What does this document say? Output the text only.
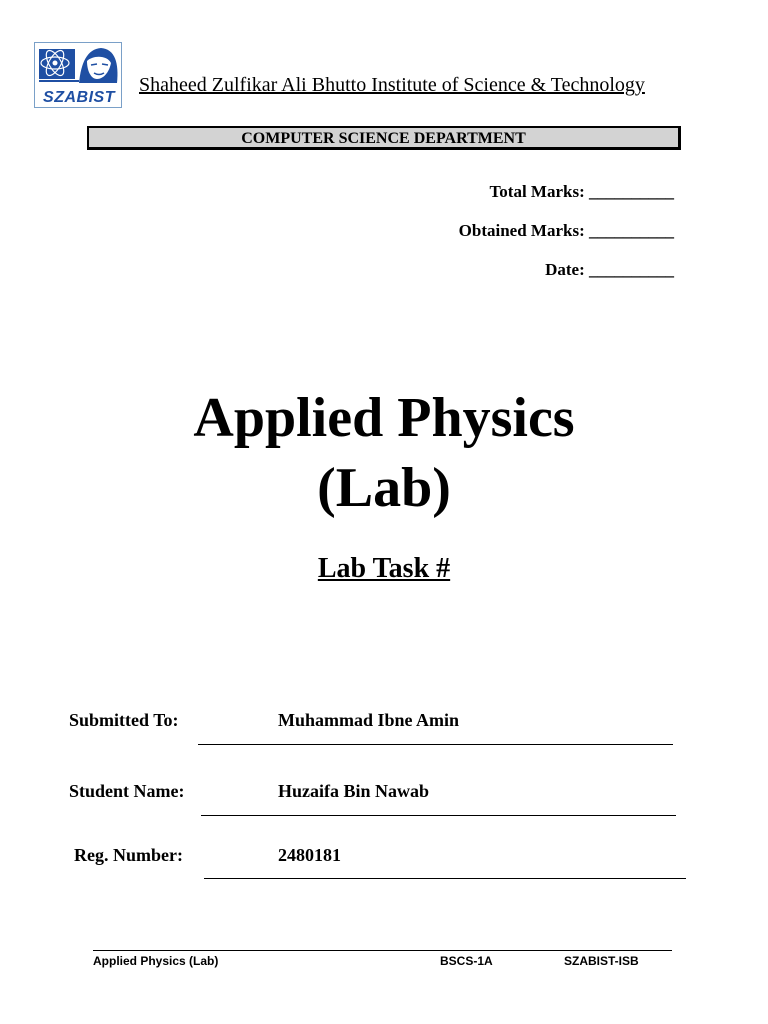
SZABIST
Shaheed Zulfikar Ali Bhutto Institute of Science & Technology
COMPUTER SCIENCE DEPARTMENT
Total Marks: __________
Obtained Marks: __________
Date: __________
Applied Physics
(Lab)
Lab Task #
Submitted To:	Muhammad Ibne Amin
Student Name:	Huzaifa Bin Nawab
Reg. Number:	2480181
Applied Physics (Lab)	BSCS-1A	SZABIST-ISB
